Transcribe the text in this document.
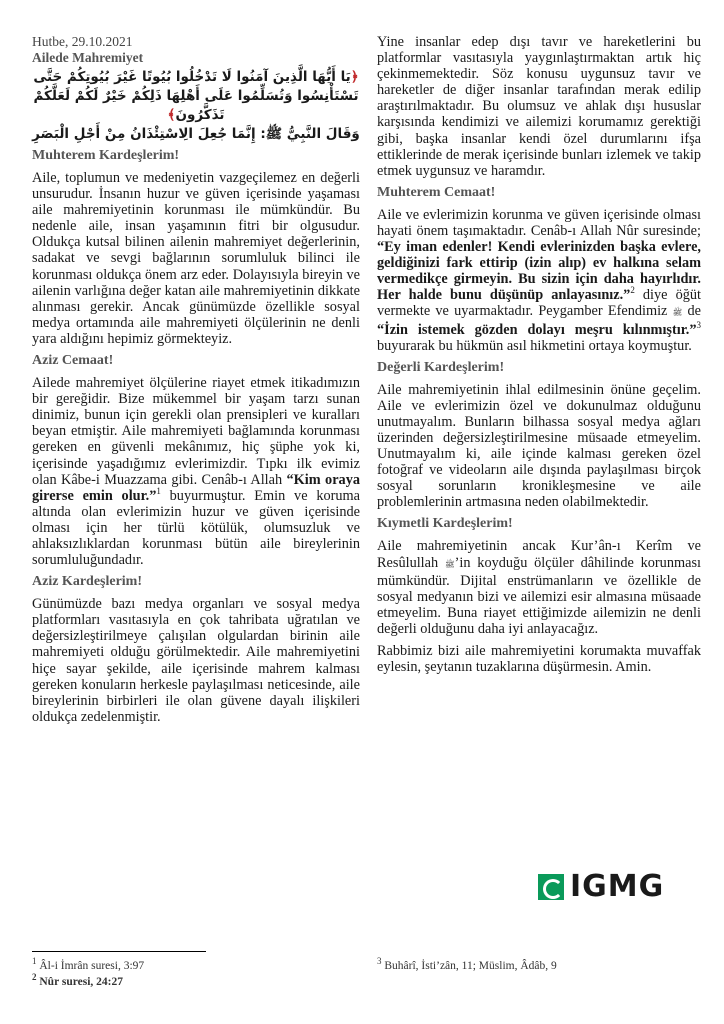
Hutbe, 29.10.2021
Ailede Mahremiyet
﴿يَا أَيُّهَا الَّذِينَ آمَنُوا لَا تَدْخُلُوا بُيُوتًا غَيْرَ بُيُوتِكُمْ حَتَّى تَسْتَأْنِسُوا وَتُسَلِّمُوا عَلَى أَهْلِهَا ذَلِكُمْ خَيْرٌ لَكُمْ لَعَلَّكُمْ تَذَكَّرُونَ﴾
وَقَالَ النَّبِيُّ ﷺ: إِنَّمَا جُعِلَ الِاسْتِئْذَانُ مِنْ أَجْلِ الْبَصَرِ
Muhterem Kardeşlerim!

Aile, toplumun ve medeniyetin vazgeçilemez en değerli unsurudur. İnsanın huzur ve güven içerisinde yaşaması aile mahremiyetinin korunması ile mümkündür. Bu nedenle aile, insan yaşamının fitri bir olgusudur. Oldukça kutsal bilinen ailenin mahremiyet değerlerinin, sadakat ve sevgi bağlarının sorumluluk bilinci ile korunması oldukça önem arz eder. Dolayısıyla bireyin ve ailenin varlığına değer katan aile mahremiyetinin dikkate alınması gerekir. Ancak günümüzde özellikle sosyal medya ortamında aile mahremiyeti ölçülerinin ne denli yara aldığını hepimiz görmekteyiz.

Aziz Cemaat!

Ailede mahremiyet ölçülerine riayet etmek itikadımızın bir gereğidir. Bize mükemmel bir yaşam tarzı sunan dinimiz, bunun için gerekli olan prensipleri ve kuralları beyan etmiştir. Aile mahremiyeti bağlamında korunması gereken en güvenli mekânımız, hiç şüphe yok ki, içerisinde yaşadığımız evlerimizdir. Tıpkı ilk evimiz olan Kâbe-i Muazzama gibi. Cenâb-ı Allah “Kim oraya girerse emin olur.”$^1$ buyurmuştur. Emin ve koruma altında olan evlerimizin huzur ve güven içerisinde olması için her türlü kötülük, olumsuzluk ve ahlaksızlıklardan korunması bütün aile bireylerinin sorumluluğundadır.

Aziz Kardeşlerim!

Günümüzde bazı medya organları ve sosyal medya platformları vasıtasıyla en çok tahribata uğratılan ve değersizleştirilmeye çalışılan olgulardan birinin aile mahremiyeti olduğu görülmektedir. Aile mahremiyetini hiçe sayar şekilde, aile içerisinde mahrem kalması gereken konuların herkesle paylaşılması neticesinde, aile bireylerinin birbirleri ile olan güvene dayalı ilişkileri oldukça zedelenmiştir.

Yine insanlar edep dışı tavır ve hareketlerini bu platformlar vasıtasıyla yaygınlaştırmaktan artık hiç çekinmemektedir. Söz konusu uygunsuz tavır ve hareketler de diğer insanlar tarafından merak edilip araştırılmaktadır. Bu olumsuz ve ahlak dışı hususlar karşısında kendimizi ve ailemizi korumamız gerektiği gibi, başka insanlar kendi özel durumlarını ifşa ettiklerinde de merak içerisinde bunları izlemek ve takip etmek uygunsuz ve haramdır.

Muhterem Cemaat!

Aile ve evlerimizin korunma ve güven içerisinde olması hayati önem taşımaktadır. Cenâb-ı Allah Nûr suresinde; “Ey iman edenler! Kendi evlerinizden başka evlere, geldiğinizi fark ettirip (izin alıp) ev halkına selam vermedikçe girmeyin. Bu sizin için daha hayırlıdır. Her halde bunu düşünüp anlayasınız.”$^2$ diye öğüt vermekte ve uyarmaktadır. Peygamber Efendimiz ﷺ de “İzin istemek gözden dolayı meşru kılınmıştır.”$^3$ buyurarak bu hükmün asıl hikmetini ortaya koymuştur.

Değerli Kardeşlerim!

Aile mahremiyetinin ihlal edilmesinin önüne geçelim. Aile ve evlerimizin özel ve dokunulmaz olduğunu unutmayalım. Bunların bilhassa sosyal medya ağları üzerinden değersizleştirilmesine müsaade etmeyelim. Unutmayalım ki, aile içinde kalması gereken özel fotoğraf ve videoların aile dışında paylaşılması birçok sosyal sorunların kronikleşmesine ve aile problemlerinin artmasına neden olabilmektedir.

Kıymetli Kardeşlerim!

Aile mahremiyetinin ancak Kur’ân-ı Kerîm ve Resûlullah ﷺ’in koyduğu ölçüler dâhilinde korunması mümkündür. Dijital enstrümanların ve özellikle de sosyal medyanın bizi ve ailemizi esir almasına müsaade etmeyelim. Buna riayet ettiğimizde ailemizin ne denli değerli olduğunu daha iyi anlayacağız.

Rabbimiz bizi aile mahremiyetini korumakta muvaffak eylesin, şeytanın tuzaklarına düşürmesin. Amin.

IGMG
$^1$ Âl-i İmrân suresi, 3:97
$^2$ Nûr suresi, 24:27
$^3$ Buhârî, İsti’zân, 11; Müslim, Âdâb, 9
